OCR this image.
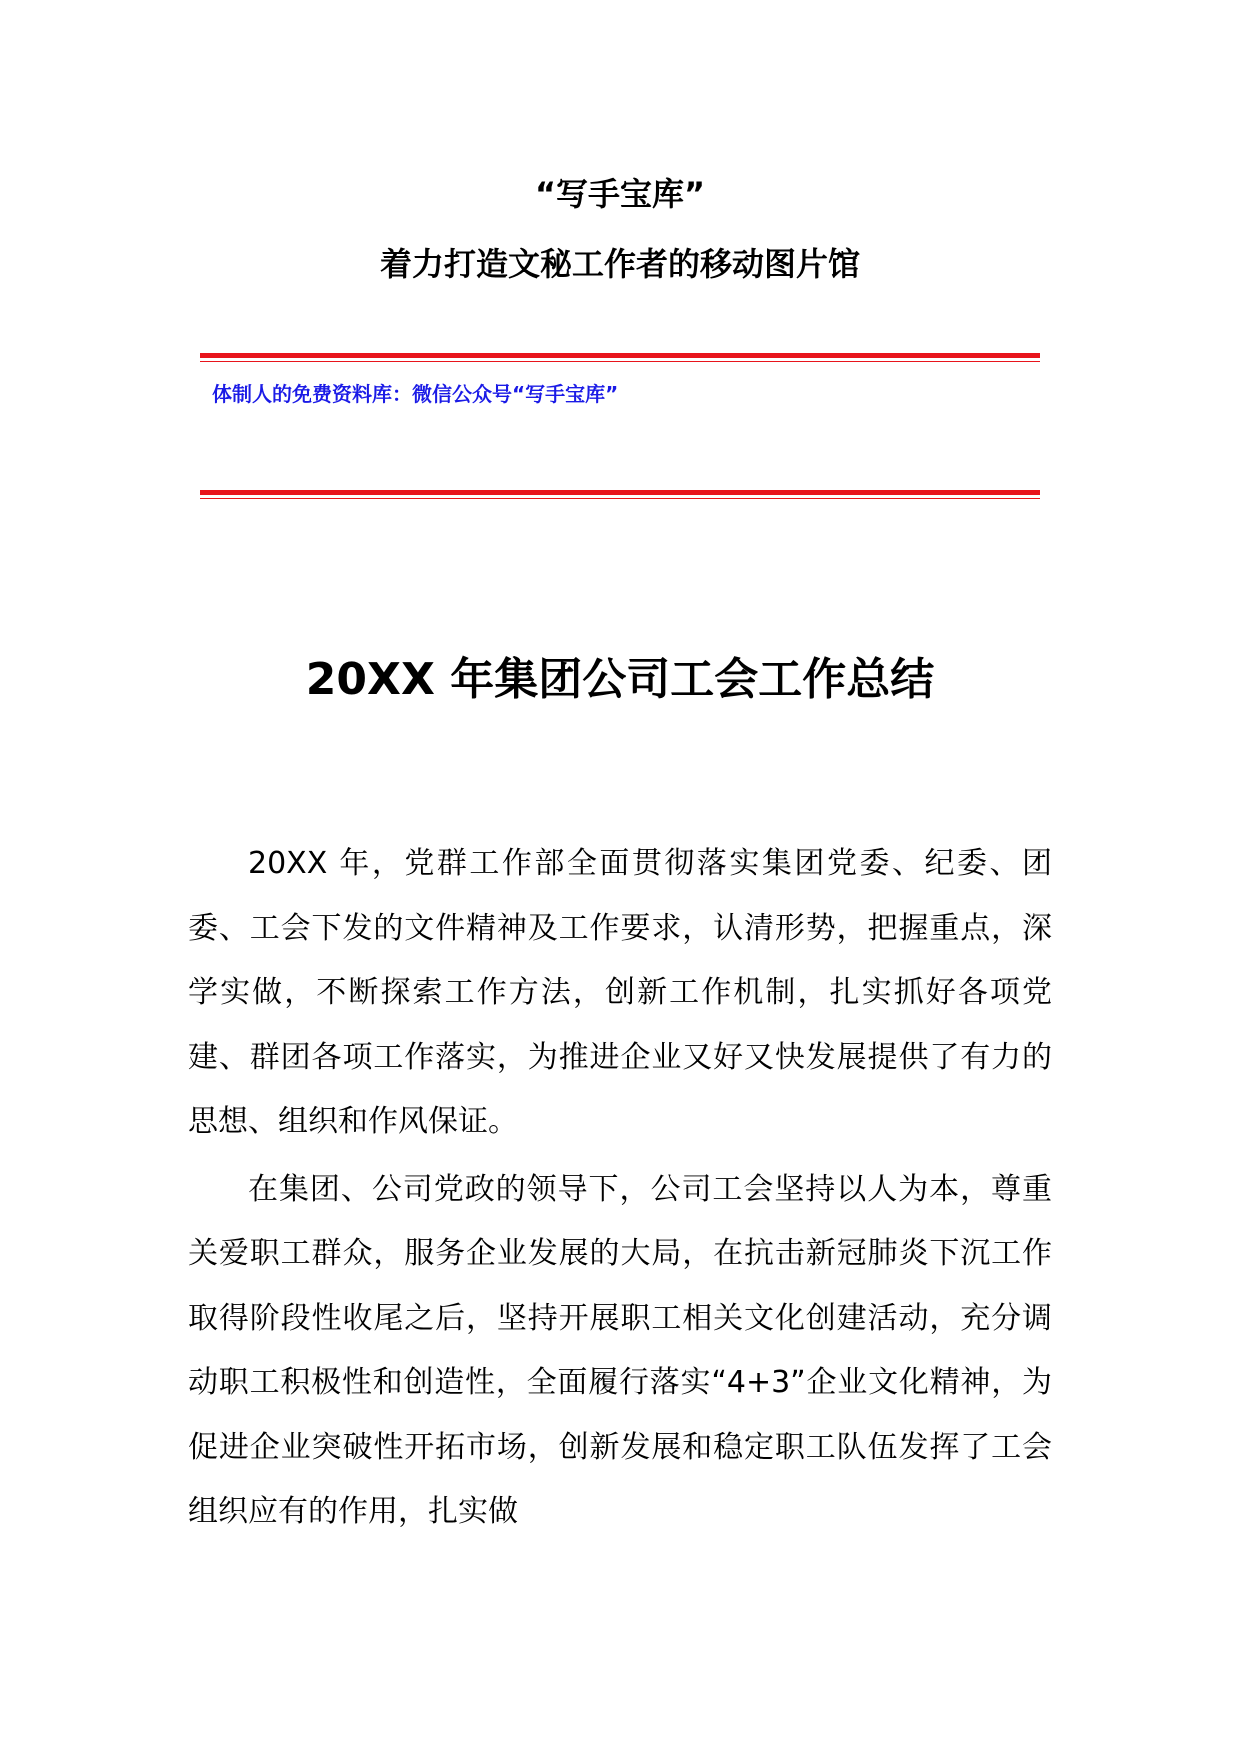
“写手宝库”
着力打造文秘工作者的移动图片馆
体制人的免费资料库：微信公众号“写手宝库”
20XX 年集团公司工会工作总结

20XX 年，党群工作部全面贯彻落实集团党委、纪委、团委、工会下发的文件精神及工作要求，认清形势，把握重点，深学实做，不断探索工作方法，创新工作机制，扎实抓好各项党建、群团各项工作落实，为推进企业又好又快发展提供了有力的思想、组织和作风保证。

在集团、公司党政的领导下，公司工会坚持以人为本，尊重关爱职工群众，服务企业发展的大局，在抗击新冠肺炎下沉工作取得阶段性收尾之后，坚持开展职工相关文化创建活动，充分调动职工积极性和创造性，全面履行落实“4+3”企业文化精神，为促进企业突破性开拓市场，创新发展和稳定职工队伍发挥了工会组织应有的作用，扎实做
